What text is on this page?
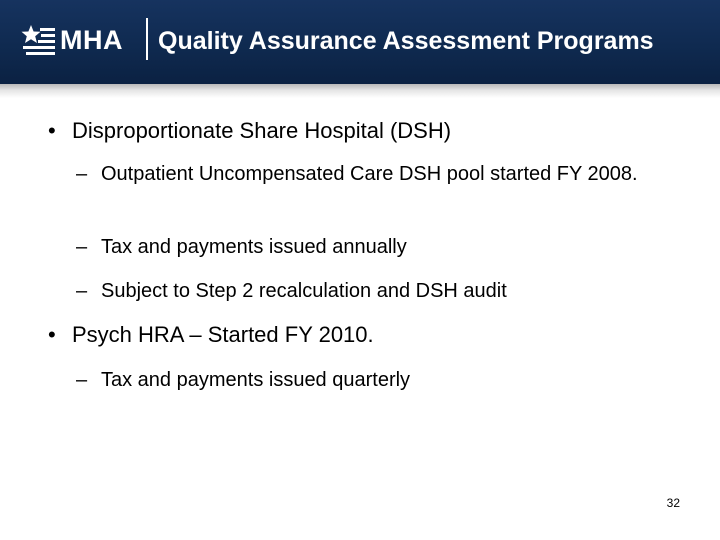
MHA Quality Assurance Assessment Programs
• Disproportionate Share Hospital (DSH)
– Outpatient Uncompensated Care DSH pool started FY 2008.
– Tax and payments issued annually
– Subject to Step 2 recalculation and DSH audit
• Psych HRA – Started FY 2010.
– Tax and payments issued quarterly
32
